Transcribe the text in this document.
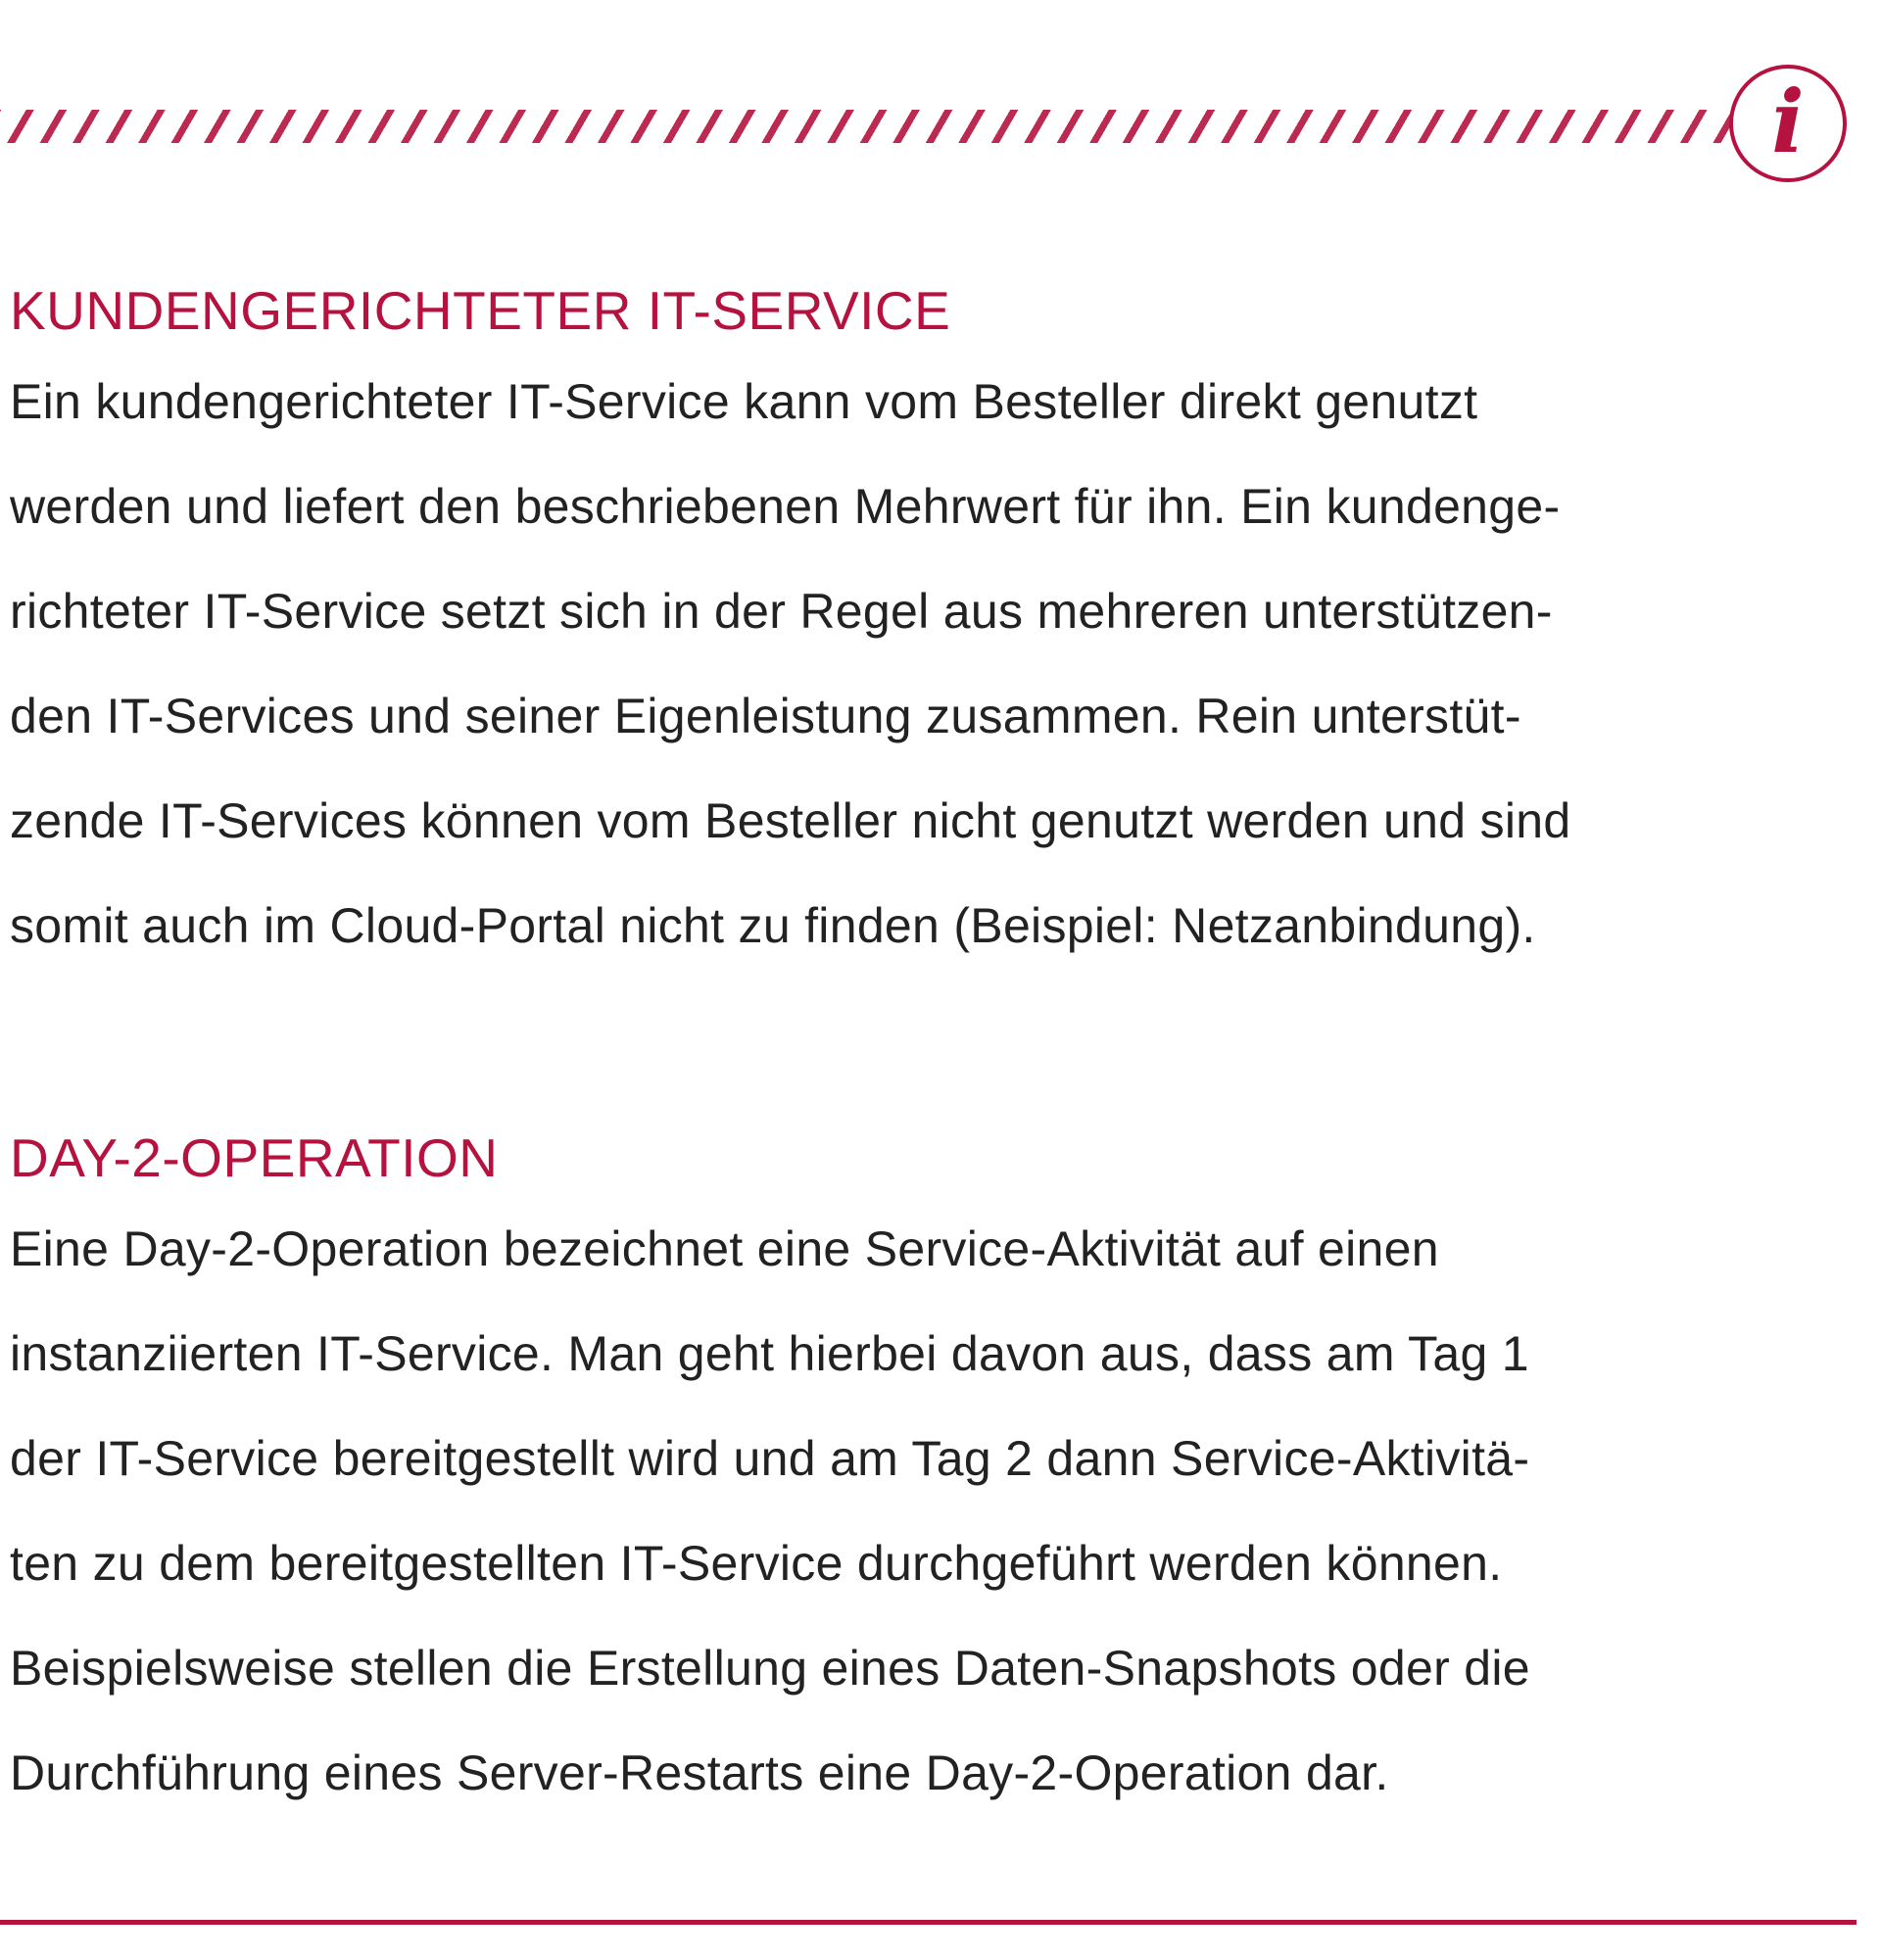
i
KUNDENGERICHTETER IT-SERVICE
Ein kundengerichteter IT-Service kann vom Besteller direkt genutzt
werden und liefert den beschriebenen Mehrwert für ihn. Ein kundenge-
richteter IT-Service setzt sich in der Regel aus mehreren unterstützen-
den IT-Services und seiner Eigenleistung zusammen. Rein unterstüt-
zende IT-Services können vom Besteller nicht genutzt werden und sind
somit auch im Cloud-Portal nicht zu finden (Beispiel: Netzanbindung).
DAY-2-OPERATION
Eine Day-2-Operation bezeichnet eine Service-Aktivität auf einen
instanziierten IT-Service. Man geht hierbei davon aus, dass am Tag 1
der IT-Service bereitgestellt wird und am Tag 2 dann Service-Aktivitä-
ten zu dem bereitgestellten IT-Service durchgeführt werden können.
Beispielsweise stellen die Erstellung eines Daten-Snapshots oder die
Durchführung eines Server-Restarts eine Day-2-Operation dar.
